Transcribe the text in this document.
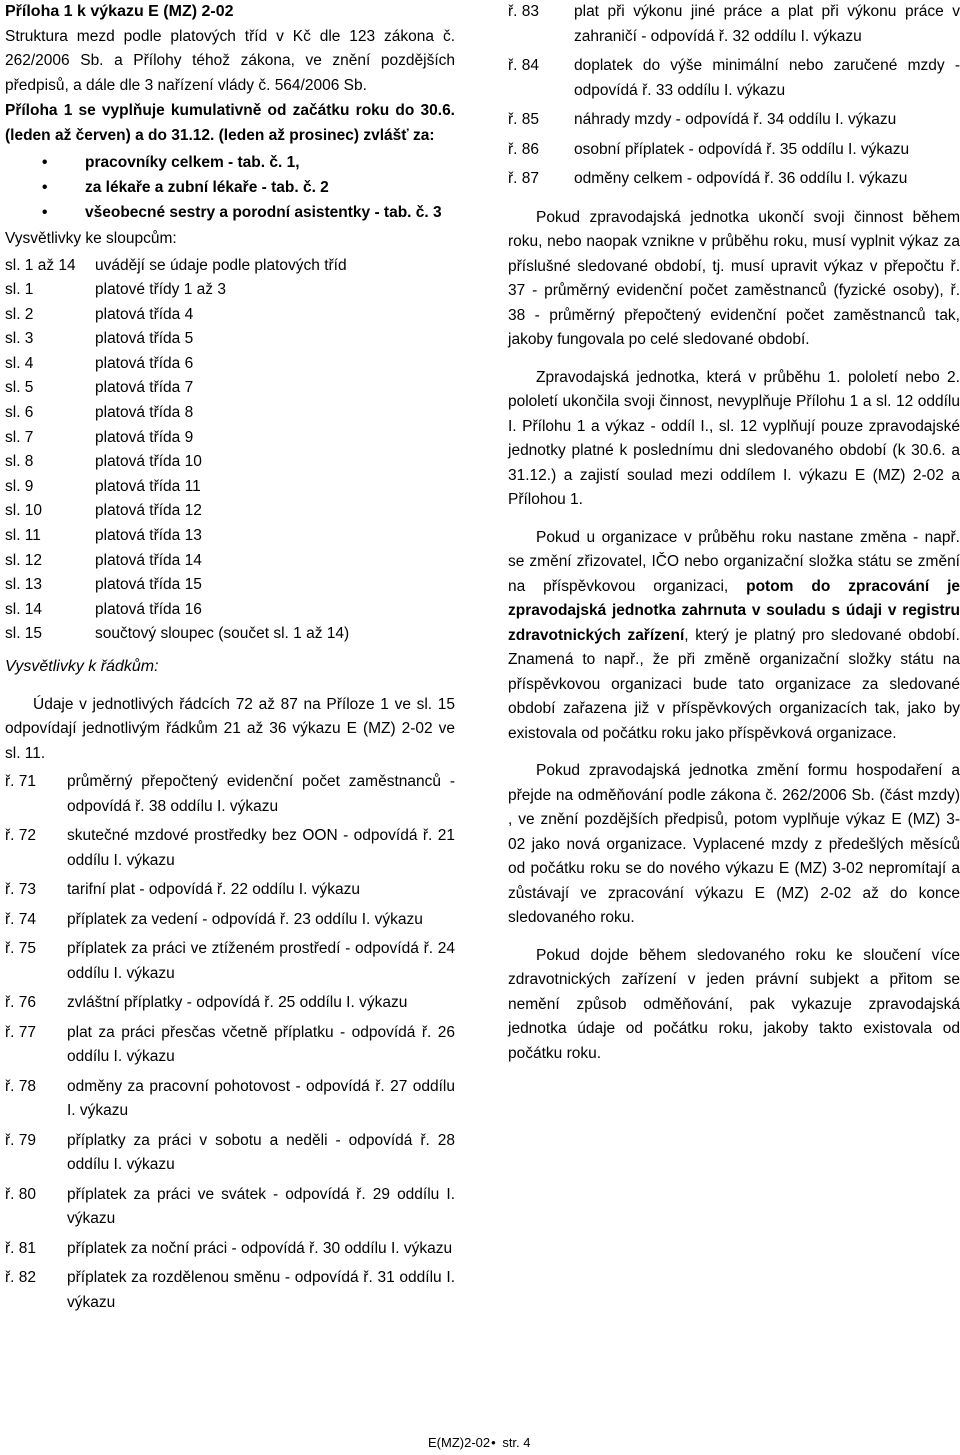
Příloha 1 k výkazu E (MZ) 2-02

Struktura mezd podle platových tříd v Kč dle 123 zákona č. 262/2006 Sb. a Přílohy téhož zákona, ve znění pozdějších předpisů, a dále dle 3 nařízení vlády č. 564/2006 Sb.

Příloha 1 se vyplňuje kumulativně od začátku roku do 30.6. (leden až červen) a do 31.12. (leden až prosinec) zvlášť za:

• pracovníky celkem - tab. č. 1,
• za lékaře a zubní lékaře - tab. č. 2
• všeobecné sestry a porodní asistentky - tab. č. 3

Vysvětlivky ke sloupcům:

sl. 1 až 14	uvádějí se údaje podle platových tříd
sl. 1	platové třídy 1 až 3
sl. 2	platová třída 4
sl. 3	platová třída 5
sl. 4	platová třída 6
sl. 5	platová třída 7
sl. 6	platová třída 8
sl. 7	platová třída 9
sl. 8	platová třída 10
sl. 9	platová třída 11
sl. 10	platová třída 12
sl. 11	platová třída 13
sl. 12	platová třída 14
sl. 13	platová třída 15
sl. 14	platová třída 16
sl. 15	součtový sloupec (součet sl. 1 až 14)

Vysvětlivky k řádkům:

Údaje v jednotlivých řádcích 72 až 87 na Příloze 1 ve sl. 15 odpovídají jednotlivým řádkům 21 až 36 výkazu E (MZ) 2-02 ve sl. 11.

ř. 71	průměrný přepočtený evidenční počet zaměstnanců - odpovídá ř. 38 oddílu I. výkazu
ř. 72	skutečné mzdové prostředky bez OON - odpovídá ř. 21 oddílu I. výkazu
ř. 73	tarifní plat - odpovídá ř. 22 oddílu I. výkazu
ř. 74	příplatek za vedení - odpovídá ř. 23 oddílu I. výkazu
ř. 75	příplatek za práci ve ztíženém prostředí - odpovídá ř. 24 oddílu I. výkazu
ř. 76	zvláštní příplatky - odpovídá ř. 25 oddílu I. výkazu
ř. 77	plat za práci přesčas včetně příplatku - odpovídá ř. 26 oddílu I. výkazu
ř. 78	odměny za pracovní pohotovost - odpovídá ř. 27 oddílu I. výkazu
ř. 79	příplatky za práci v sobotu a neděli - odpovídá ř. 28 oddílu I. výkazu
ř. 80	příplatek za práci ve svátek - odpovídá ř. 29 oddílu I. výkazu
ř. 81	příplatek za noční práci - odpovídá ř. 30 oddílu I. výkazu
ř. 82	příplatek za rozdělenou směnu - odpovídá ř. 31 oddílu I. výkazu
ř. 83	plat při výkonu jiné práce a plat při výkonu práce v zahraničí - odpovídá ř. 32 oddílu I. výkazu
ř. 84	doplatek do výše minimální nebo zaručené mzdy - odpovídá ř. 33 oddílu I. výkazu
ř. 85	náhrady mzdy - odpovídá ř. 34 oddílu I. výkazu
ř. 86	osobní příplatek - odpovídá ř. 35 oddílu I. výkazu
ř. 87	odměny celkem - odpovídá ř. 36 oddílu I. výkazu

Pokud zpravodajská jednotka ukončí svoji činnost během roku, nebo naopak vznikne v průběhu roku, musí vyplnit výkaz za příslušné sledované období, tj. musí upravit výkaz v přepočtu ř. 37 - průměrný evidenční počet zaměstnanců (fyzické osoby), ř. 38 - průměrný přepočtený evidenční počet zaměstnanců tak, jakoby fungovala po celé sledované období.

Zpravodajská jednotka, která v průběhu 1. pololetí nebo 2. pololetí ukončila svoji činnost, nevyplňuje Přílohu 1 a sl. 12 oddílu I. Přílohu 1 a výkaz - oddíl I., sl. 12 vyplňují pouze zpravodajské jednotky platné k poslednímu dni sledovaného období (k 30.6. a 31.12.) a zajistí soulad mezi oddílem I. výkazu E (MZ) 2-02 a Přílohou 1.

Pokud u organizace v průběhu roku nastane změna - např. se změní zřizovatel, IČO nebo organizační složka státu se změní na příspěvkovou organizaci, potom do zpracování je zpravodajská jednotka zahrnuta v souladu s údaji v registru zdravotnických zařízení, který je platný pro sledované období. Znamená to např., že při změně organizační složky státu na příspěvkovou organizaci bude tato organizace za sledované období zařazena již v příspěvkových organizacích tak, jako by existovala od počátku roku jako příspěvková organizace.

Pokud zpravodajská jednotka změní formu hospodaření a přejde na odměňování podle zákona č. 262/2006 Sb. (část mzdy) , ve znění pozdějších předpisů, potom vyplňuje výkaz E (MZ) 3-02 jako nová organizace. Vyplacené mzdy z předešlých měsíců od počátku roku se do nového výkazu E (MZ) 3-02 nepromítají a zůstávají ve zpracování výkazu E (MZ) 2-02 až do konce sledovaného roku.

Pokud dojde během sledovaného roku ke sloučení více zdravotnických zařízení v jeden právní subjekt a přitom se nemění způsob odměňování, pak vykazuje zpravodajská jednotka údaje od počátku roku, jakoby takto existovala od počátku roku.

E(MZ)2-02• str. 4
